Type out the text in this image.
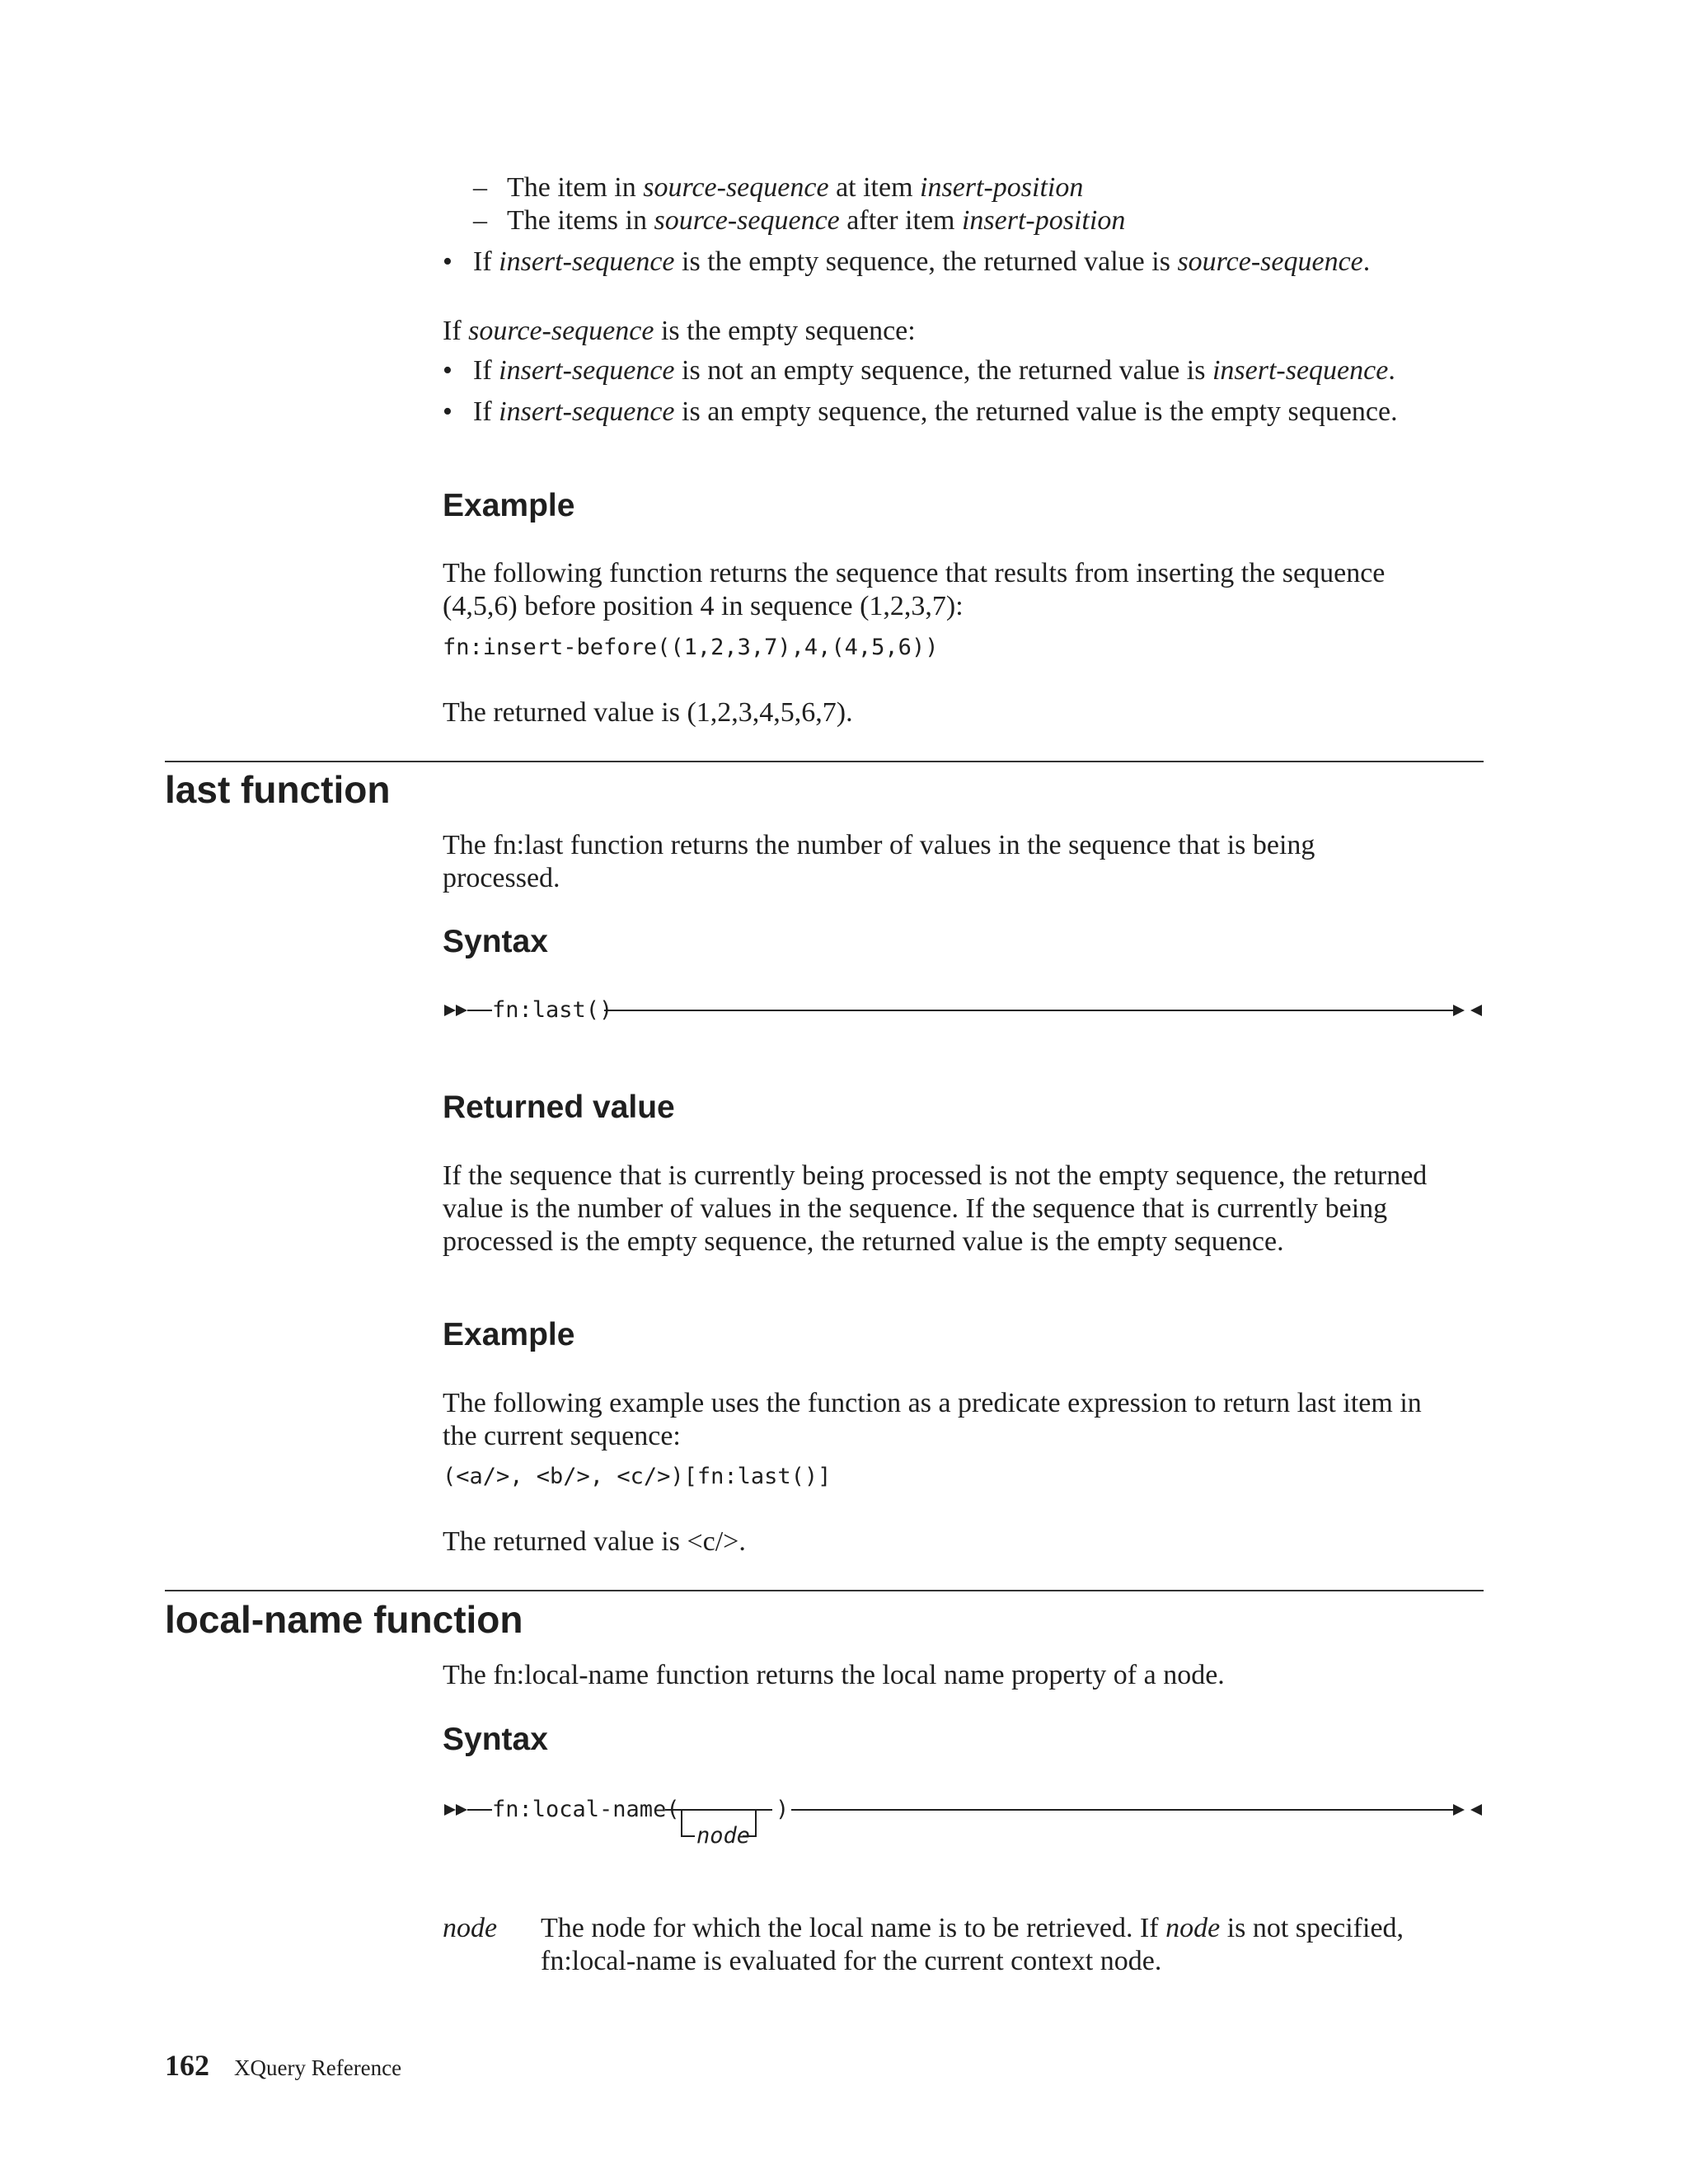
– The item in source-sequence at item insert-position
– The items in source-sequence after item insert-position
• If insert-sequence is the empty sequence, the returned value is source-sequence.

If source-sequence is the empty sequence:

• If insert-sequence is not an empty sequence, the returned value is insert-sequence.
• If insert-sequence is an empty sequence, the returned value is the empty sequence.
Example

The following function returns the sequence that results from inserting the sequence (4,5,6) before position 4 in sequence (1,2,3,7):

fn:insert-before((1,2,3,7),4,(4,5,6))

The returned value is (1,2,3,4,5,6,7).

last function

The fn:last function returns the number of values in the sequence that is being processed.

Syntax
fn:last()
Returned value

If the sequence that is currently being processed is not the empty sequence, the returned value is the number of values in the sequence. If the sequence that is currently being processed is the empty sequence, the returned value is the empty sequence.

Example

The following example uses the function as a predicate expression to return last item in the current sequence:

(<a/>, <b/>, <c/>)[fn:last()]

The returned value is <c/>.

local-name function

The fn:local-name function returns the local name property of a node.

Syntax
fn:local-name(	)
node
node The node for which the local name is to be retrieved. If node is not specified, fn:local-name is evaluated for the current context node.

162 XQuery Reference
